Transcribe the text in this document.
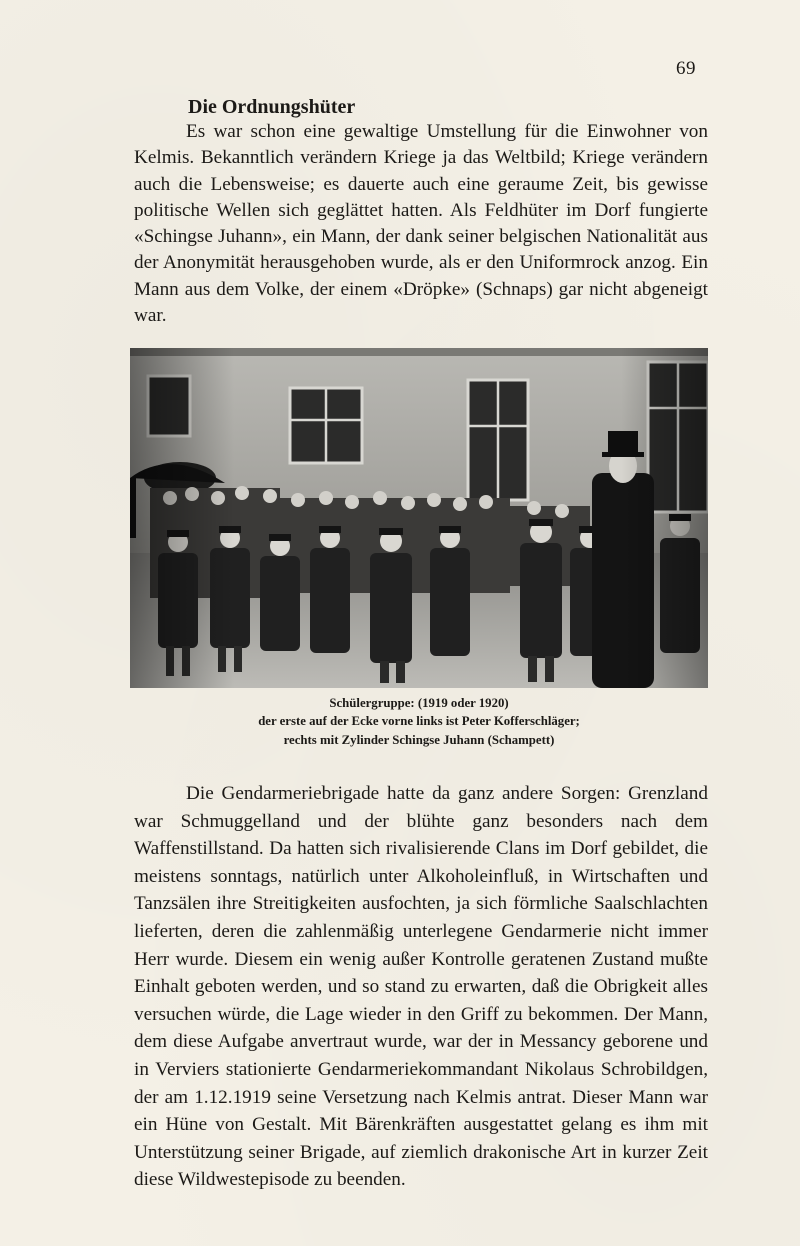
69
Die Ordnungshüter

Es war schon eine gewaltige Umstellung für die Einwohner von Kelmis. Bekanntlich verändern Kriege ja das Weltbild; Kriege verändern auch die Lebensweise; es dauerte auch eine geraume Zeit, bis gewisse politische Wellen sich geglättet hatten. Als Feldhüter im Dorf fungierte «Schingse Juhann», ein Mann, der dank seiner belgischen Nationalität aus der Anonymität herausgehoben wurde, als er den Uniformrock anzog. Ein Mann aus dem Volke, der einem «Dröpke» (Schnaps) gar nicht abgeneigt war.

Schülergruppe: (1919 oder 1920)
der erste auf der Ecke vorne links ist Peter Kofferschläger;
rechts mit Zylinder Schingse Juhann (Schampett)

Die Gendarmeriebrigade hatte da ganz andere Sorgen: Grenzland war Schmuggelland und der blühte ganz besonders nach dem Waffenstillstand. Da hatten sich rivalisierende Clans im Dorf gebildet, die meistens sonntags, natürlich unter Alkoholeinfluß, in Wirtschaften und Tanzsälen ihre Streitigkeiten ausfochten, ja sich förmliche Saalschlachten lieferten, deren die zahlenmäßig unterlegene Gendarmerie nicht immer Herr wurde. Diesem ein wenig außer Kontrolle geratenen Zustand mußte Einhalt geboten werden, und so stand zu erwarten, daß die Obrigkeit alles versuchen würde, die Lage wieder in den Griff zu bekommen. Der Mann, dem diese Aufgabe anvertraut wurde, war der in Messancy geborene und in Verviers stationierte Gendarmeriekommandant Nikolaus Schrobildgen, der am 1.12.1919 seine Versetzung nach Kelmis antrat. Dieser Mann war ein Hüne von Gestalt. Mit Bärenkräften ausgestattet gelang es ihm mit Unterstützung seiner Brigade, auf ziemlich drakonische Art in kurzer Zeit diese Wildwestepisode zu beenden.
